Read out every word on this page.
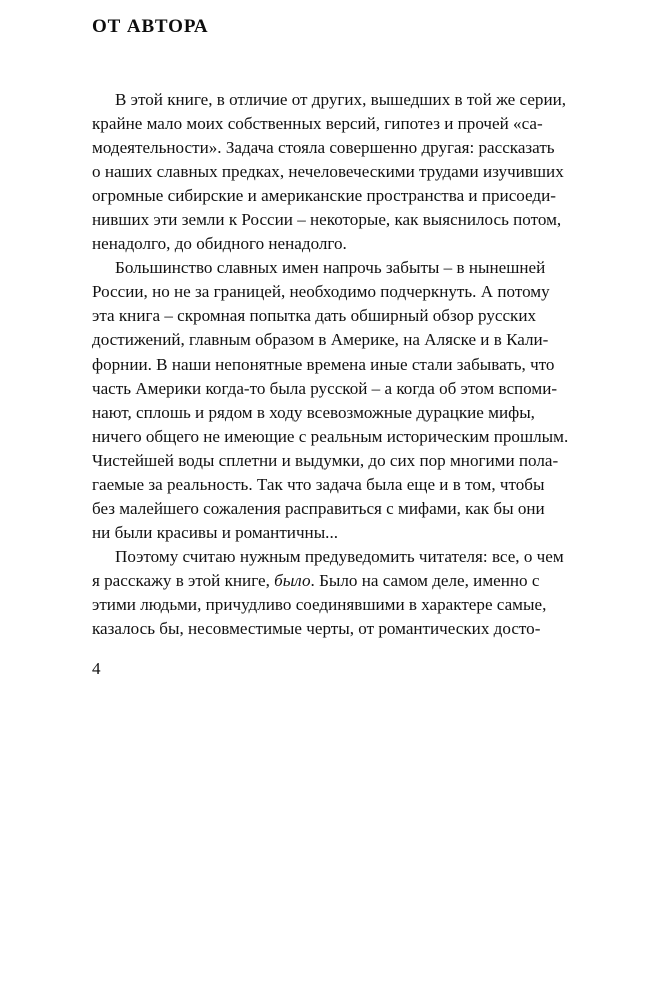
ОТ АВТОРА

В этой книге, в отличие от других, вышедших в той же серии,
крайне мало моих собственных версий, гипотез и прочей «са-
модеятельности». Задача стояла совершенно другая: рассказать
о наших славных предках, нечеловеческими трудами изучивших
огромные сибирские и американские пространства и присоеди-
нивших эти земли к России – некоторые, как выяснилось потом,
ненадолго, до обидного ненадолго.

Большинство славных имен напрочь забыты – в нынешней
России, но не за границей, необходимо подчеркнуть. А потому
эта книга – скромная попытка дать обширный обзор русских
достижений, главным образом в Америке, на Аляске и в Кали-
форнии. В наши непонятные времена иные стали забывать, что
часть Америки когда-то была русской – а когда об этом вспоми-
нают, сплошь и рядом в ходу всевозможные дурацкие мифы,
ничего общего не имеющие с реальным историческим прошлым.
Чистейшей воды сплетни и выдумки, до сих пор многими пола-
гаемые за реальность. Так что задача была еще и в том, чтобы
без малейшего сожаления расправиться с мифами, как бы они
ни были красивы и романтичны...

Поэтому считаю нужным предуведомить читателя: все, о чем
я расскажу в этой книге, было. Было на самом деле, именно с
этими людьми, причудливо соединявшими в характере самые,
казалось бы, несовместимые черты, от романтических досто-

4
